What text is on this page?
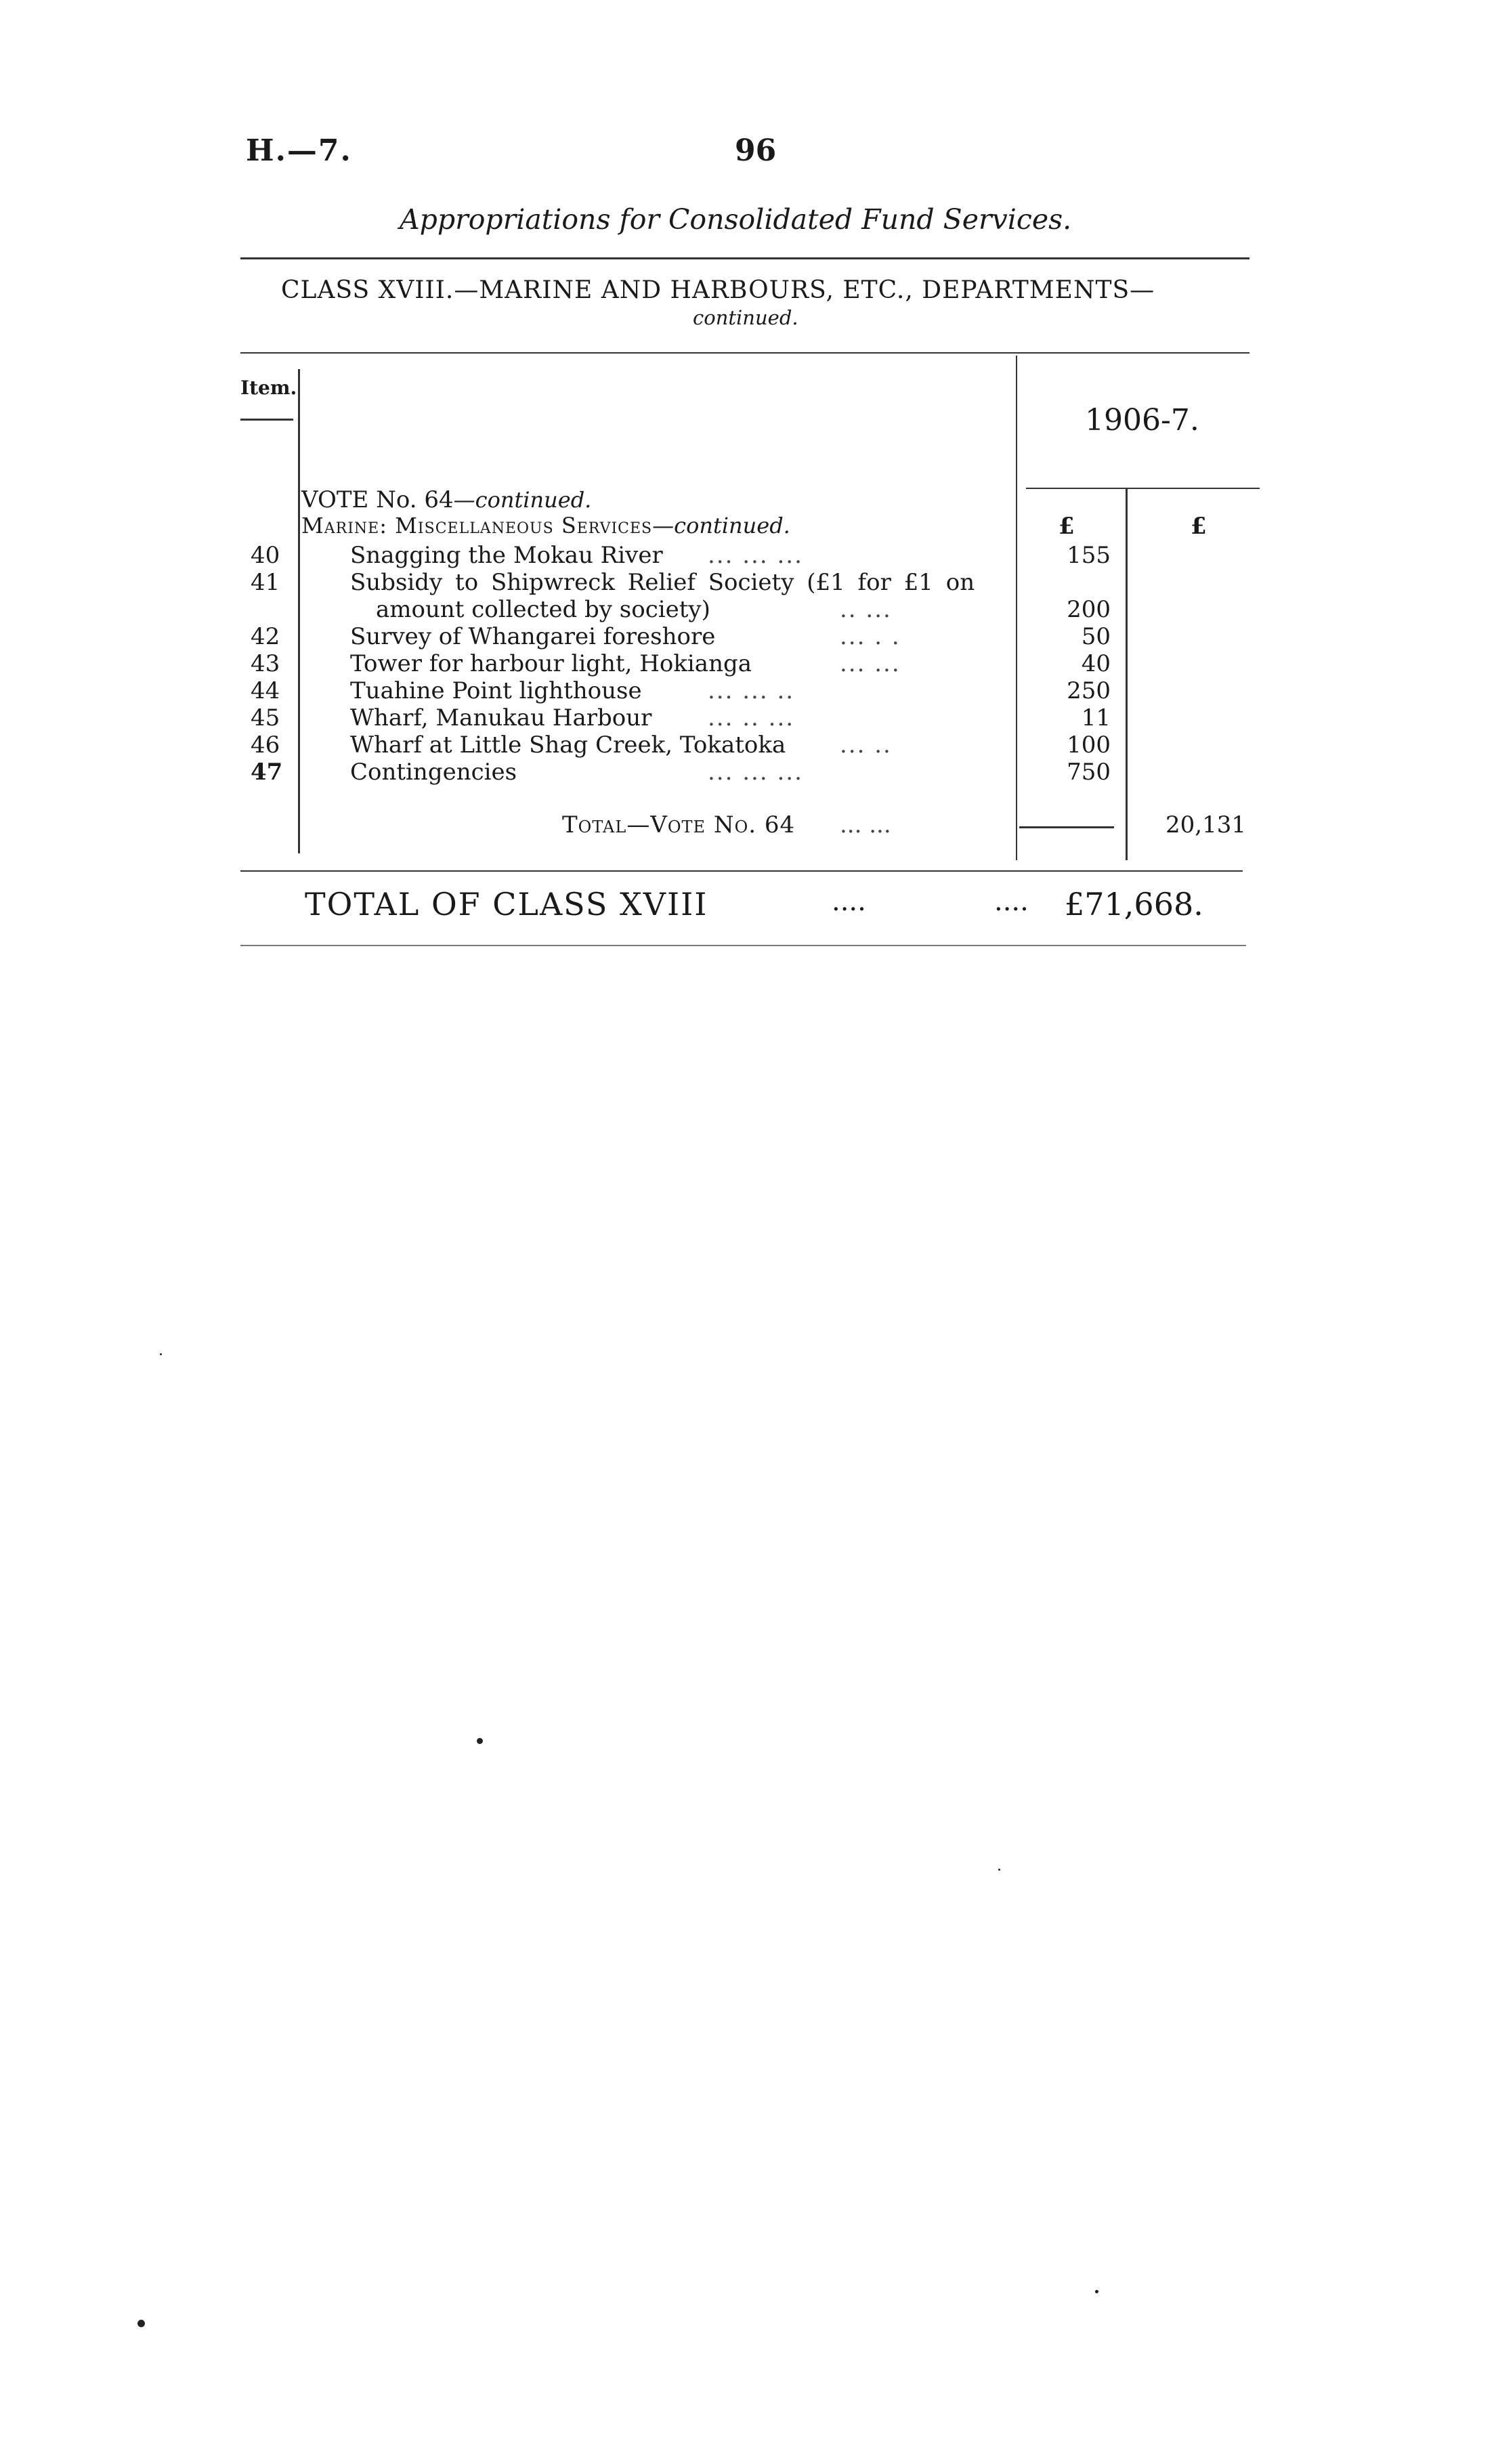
H.—7.	96
Appropriations for Consolidated Fund Services.
CLASS XVIII.—MARINE AND HARBOURS, ETC., DEPARTMENTS—
continued.
Item.
1906-7.
VOTE No. 64—continued.
Marine: Miscellaneous Services—continued.	£	£
40	Snagging the Mokau River ... ... ...	155
41	Subsidy to Shipwreck Relief Society (£1 for £1 on
amount collected by society)	.. ...	200
42	Survey of Whangarei foreshore	... . .	50
43	Tower for harbour light, Hokianga	... ...	40
44	Tuahine Point lighthouse	... ... ..	250
45	Wharf, Manukau Harbour ... .. ...	11
46	Wharf at Little Shag Creek, Tokatoka ... ..	100
47	Contingencies	... ... ...	750
Total—Vote No. 64 ... ...	20,131
TOTAL OF CLASS XVIII	....	.... £71,668.
